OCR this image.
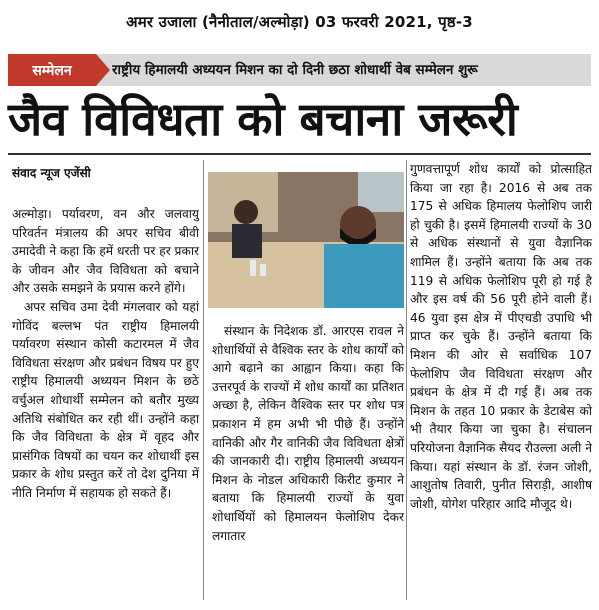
अमर उजाला (नैनीताल/अल्मोड़ा) 03 फरवरी 2021, पृष्ठ-3
सम्मेलन	राष्ट्रीय हिमालयी अध्ययन मिशन का दो दिनी छठा शोधार्थी वेब सम्मेलन शुरू
जैव विविधता को बचाना जरूरी
संवाद न्यूज एजेंसी

अल्मोड़ा। पर्यावरण, वन और जलवायु परिवर्तन मंत्रालय की अपर सचिव बीवी उमादेवी ने कहा कि हमें धरती पर हर प्रकार के जीवन और जैव विविधता को बचाने और उसके समझने के प्रयास करने होंगे।

अपर सचिव उमा देवी मंगलवार को यहां गोविंद बल्लभ पंत राष्ट्रीय हिमालयी पर्यावरण संस्थान कोसी कटारमल में जैव विविधता संरक्षण और प्रबंधन विषय पर हुए राष्ट्रीय हिमालयी अध्ययन मिशन के छठे वर्चुअल शोधार्थी सम्मेलन को बतौर मुख्य अतिथि संबोधित कर रही थीं। उन्होंने कहा कि जैव विविधता के क्षेत्र में वृहद और प्रासंगिक विषयों का चयन कर शोधार्थी इस प्रकार के शोध प्रस्तुत करें तो देश दुनिया में नीति निर्माण में सहायक हो सकते हैं।

संस्थान के निदेशक डॉ. आरएस रावल ने शोधार्थियों से वैश्विक स्तर के शोध कार्यों को आगे बढ़ाने का आह्वान किया। कहा कि उत्तरपूर्व के राज्यों में शोध कार्यों का प्रतिशत अच्छा है, लेकिन वैश्विक स्तर पर शोध पत्र प्रकाशन में हम अभी भी पीछे हैं। उन्होंने वानिकी और गैर वानिकी जैव विविधता क्षेत्रों की जानकारी दी। राष्ट्रीय हिमालयी अध्ययन मिशन के नोडल अधिकारी किरीट कुमार ने बताया कि हिमालयी राज्यों के युवा शोधार्थियों को हिमालयन फेलोशिप देकर लगातार

गुणवत्तापूर्ण शोध कार्यों को प्रोत्साहित किया जा रहा है। 2016 से अब तक 175 से अधिक हिमालय फेलोशिप जारी हो चुकी है। इसमें हिमालयी राज्यों के 30 से अधिक संस्थानों से युवा वैज्ञानिक शामिल हैं। उन्होंने बताया कि अब तक 119 से अधिक फेलोशिप पूरी हो गई है और इस वर्ष की 56 पूरी होने वाली हैं। 46 युवा इस क्षेत्र में पीएचडी उपाधि भी प्राप्त कर चुके हैं। उन्होंने बताया कि मिशन की ओर से सर्वाधिक 107 फेलोशिप जैव विविधता संरक्षण और प्रबंधन के क्षेत्र में दी गई हैं। अब तक मिशन के तहत 10 प्रकार के डेटाबेस को भी तैयार किया जा चुका है। संचालन परियोजना वैज्ञानिक सैयद रौउल्ला अली ने किया। यहां संस्थान के डॉ. रंजन जोशी, आशुतोष तिवारी, पुनीत सिराड़ी, आशीष जोशी, योगेश परिहार आदि मौजूद थे।
